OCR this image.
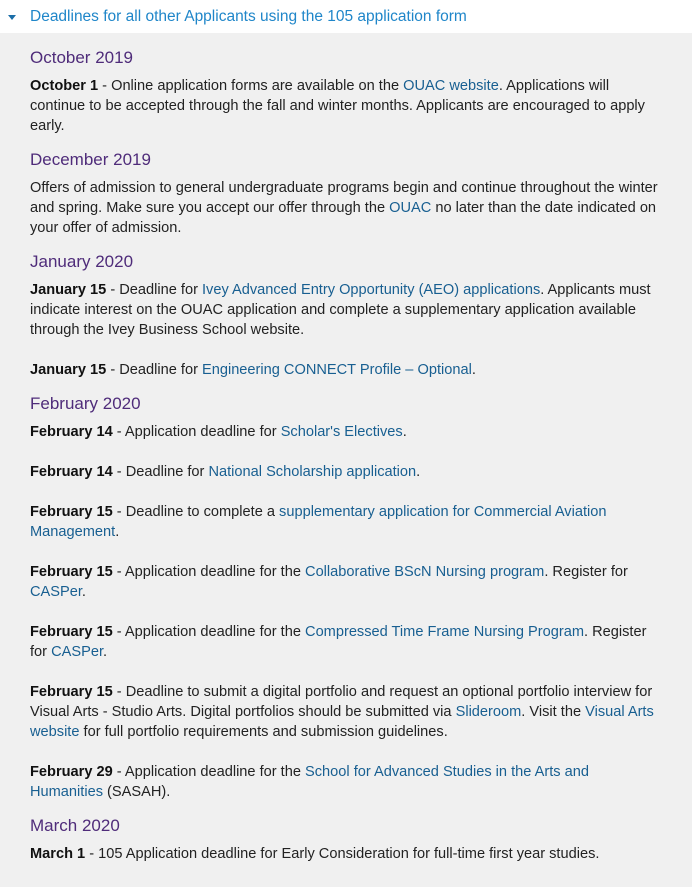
Deadlines for all other Applicants using the 105 application form
October 2019

October 1 - Online application forms are available on the OUAC website. Applications will continue to be accepted through the fall and winter months. Applicants are encouraged to apply early.

December 2019

Offers of admission to general undergraduate programs begin and continue throughout the winter and spring. Make sure you accept our offer through the OUAC no later than the date indicated on your offer of admission.

January 2020

January 15 - Deadline for Ivey Advanced Entry Opportunity (AEO) applications. Applicants must indicate interest on the OUAC application and complete a supplementary application available through the Ivey Business School website.

January 15 - Deadline for Engineering CONNECT Profile – Optional.

February 2020

February 14 - Application deadline for Scholar's Electives.

February 14 - Deadline for National Scholarship application.

February 15 - Deadline to complete a supplementary application for Commercial Aviation Management.

February 15 - Application deadline for the Collaborative BScN Nursing program. Register for CASPer.

February 15 - Application deadline for the Compressed Time Frame Nursing Program. Register for CASPer.

February 15 - Deadline to submit a digital portfolio and request an optional portfolio interview for Visual Arts - Studio Arts. Digital portfolios should be submitted via Slideroom. Visit the Visual Arts website for full portfolio requirements and submission guidelines.

February 29 - Application deadline for the School for Advanced Studies in the Arts and Humanities (SASAH).

March 2020

March 1 - 105 Application deadline for Early Consideration for full-time first year studies.
